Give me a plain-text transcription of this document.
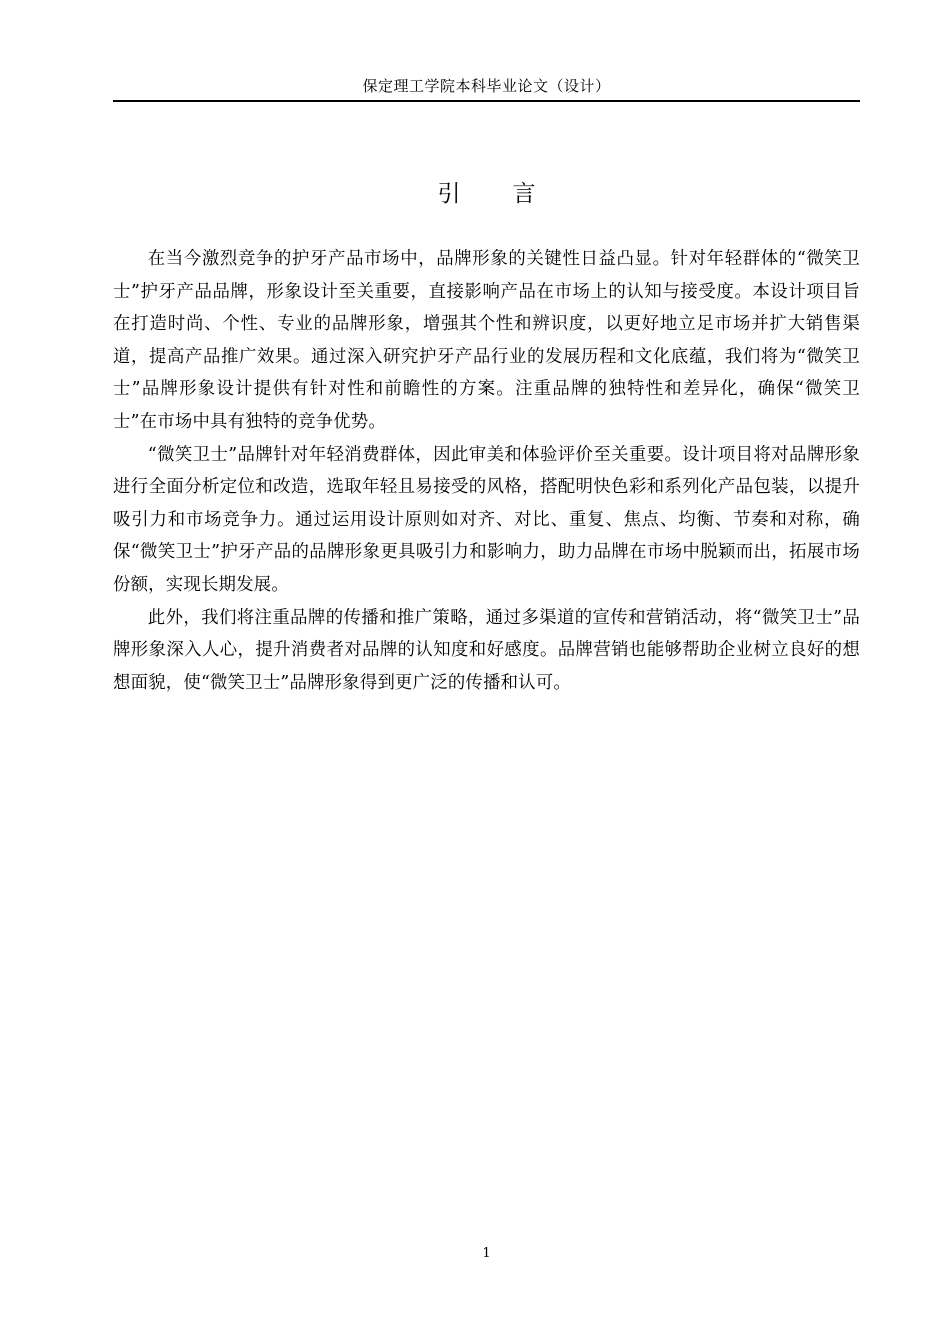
保定理工学院本科毕业论文（设计）
引言

在当今激烈竞争的护牙产品市场中，品牌形象的关键性日益凸显。针对年轻群体的“微笑卫士”护牙产品品牌，形象设计至关重要，直接影响产品在市场上的认知与接受度。本设计项目旨在打造时尚、个性、专业的品牌形象，增强其个性和辨识度，以更好地立足市场并扩大销售渠道，提高产品推广效果。通过深入研究护牙产品行业的发展历程和文化底蕴，我们将为“微笑卫士”品牌形象设计提供有针对性和前瞻性的方案。注重品牌的独特性和差异化，确保“微笑卫士”在市场中具有独特的竞争优势。

“微笑卫士”品牌针对年轻消费群体，因此审美和体验评价至关重要。设计项目将对品牌形象进行全面分析定位和改造，选取年轻且易接受的风格，搭配明快色彩和系列化产品包装，以提升吸引力和市场竞争力。通过运用设计原则如对齐、对比、重复、焦点、均衡、节奏和对称，确保“微笑卫士”护牙产品的品牌形象更具吸引力和影响力，助力品牌在市场中脱颖而出，拓展市场份额，实现长期发展。

此外，我们将注重品牌的传播和推广策略，通过多渠道的宣传和营销活动，将“微笑卫士”品牌形象深入人心，提升消费者对品牌的认知度和好感度。品牌营销也能够帮助企业树立良好的想想面貌，使“微笑卫士”品牌形象得到更广泛的传播和认可。

1
